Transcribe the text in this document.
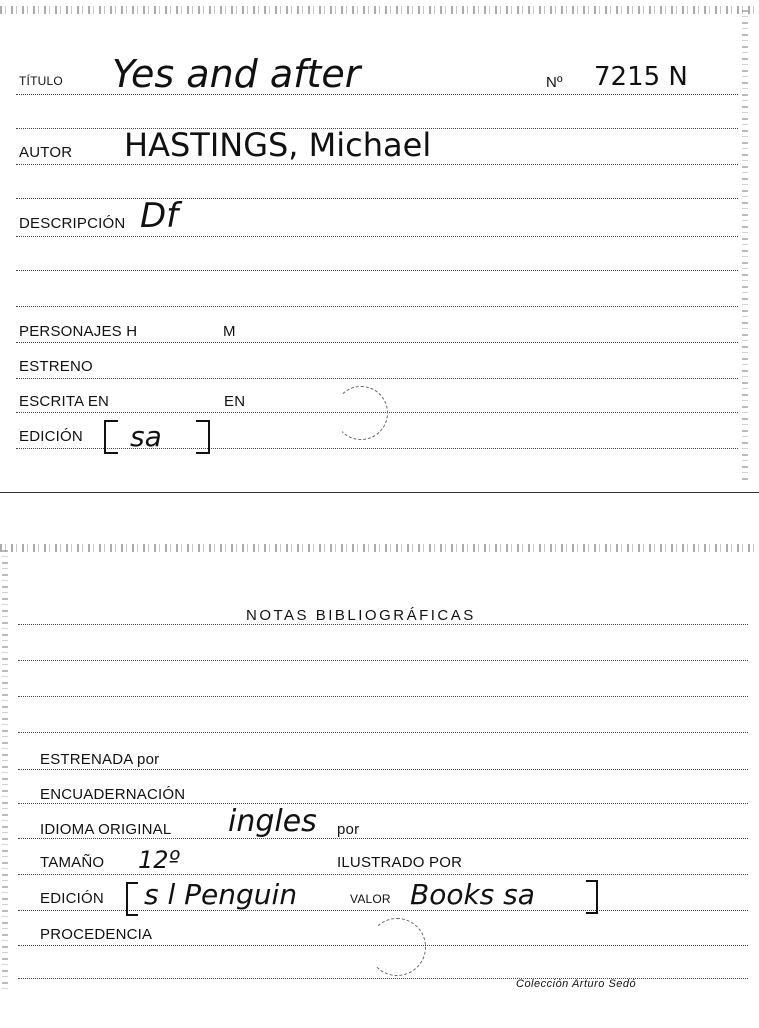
TÍTULO Yes and after	Nº 7215 N
AUTOR HASTINGS, Michael
DESCRIPCIÓN Df
PERSONAJES H	M
ESTRENO
ESCRITA EN	EN
EDICIÓN sa
NOTAS BIBLIOGRÁFICAS
ESTRENADA por
ENCUADERNACIÓN
IDIOMA ORIGINAL ingles por
TAMAÑO 12º	ILUSTRADO POR
EDICIÓN s l Penguin	VALOR Books sa
PROCEDENCIA
Colección Arturo Sedó
